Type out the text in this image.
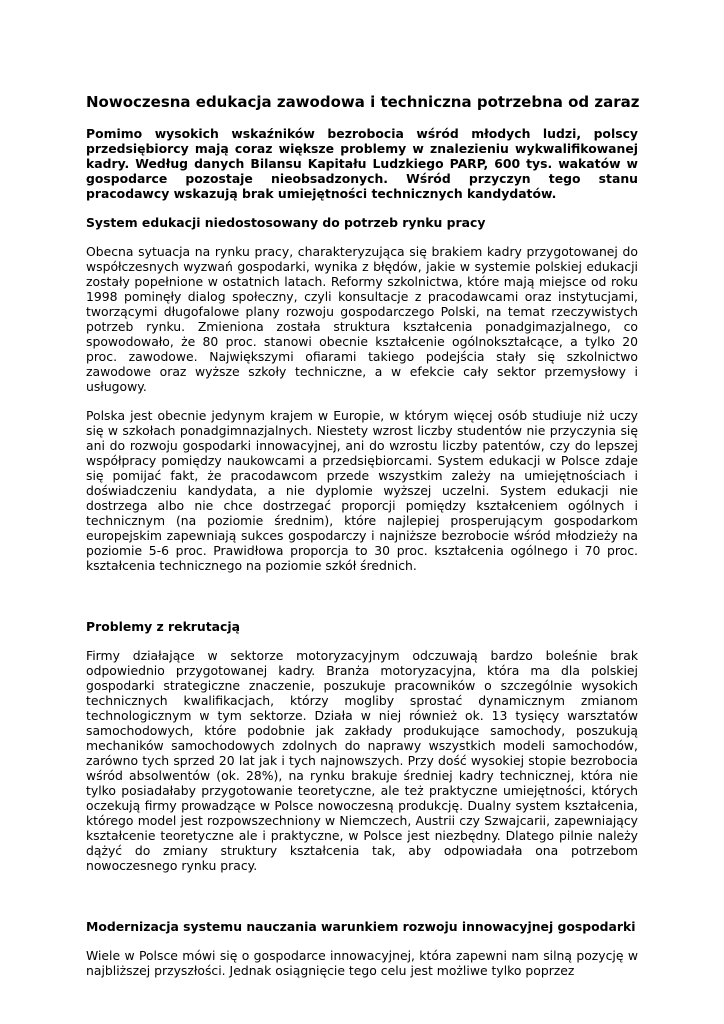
Nowoczesna edukacja zawodowa i techniczna potrzebna od zaraz

Pomimo wysokich wskaźników bezrobocia wśród młodych ludzi, polscy przedsiębiorcy mają coraz większe problemy w znalezieniu wykwalifikowanej kadry. Według danych Bilansu Kapitału Ludzkiego PARP, 600 tys. wakatów w gospodarce pozostaje nieobsadzonych. Wśród przyczyn tego stanu pracodawcy wskazują brak umiejętności technicznych kandydatów.

System edukacji niedostosowany do potrzeb rynku pracy

Obecna sytuacja na rynku pracy, charakteryzująca się brakiem kadry przygotowanej do współczesnych wyzwań gospodarki, wynika z błędów, jakie w systemie polskiej edukacji zostały popełnione w ostatnich latach. Reformy szkolnictwa, które mają miejsce od roku 1998 pominęły dialog społeczny, czyli konsultacje z pracodawcami oraz instytucjami, tworzącymi długofalowe plany rozwoju gospodarczego Polski, na temat rzeczywistych potrzeb rynku. Zmieniona została struktura kształcenia ponadgimazjalnego, co spowodowało, że 80 proc. stanowi obecnie kształcenie ogólnokształcące, a tylko 20 proc. zawodowe. Największymi ofiarami takiego podejścia stały się szkolnictwo zawodowe oraz wyższe szkoły techniczne, a w efekcie cały sektor przemysłowy i usługowy.

Polska jest obecnie jedynym krajem w Europie, w którym więcej osób studiuje niż uczy się w szkołach ponadgimnazjalnych. Niestety wzrost liczby studentów nie przyczynia się ani do rozwoju gospodarki innowacyjnej, ani do wzrostu liczby patentów, czy do lepszej współpracy pomiędzy naukowcami a przedsiębiorcami. System edukacji w Polsce zdaje się pomijać fakt, że pracodawcom przede wszystkim zależy na umiejętnościach i doświadczeniu kandydata, a nie dyplomie wyższej uczelni. System edukacji nie dostrzega albo nie chce dostrzegać proporcji pomiędzy kształceniem ogólnych i technicznym (na poziomie średnim), które najlepiej prosperującym gospodarkom europejskim zapewniają sukces gospodarczy i najniższe bezrobocie wśród młodzieży na poziomie 5-6 proc. Prawidłowa proporcja to 30 proc. kształcenia ogólnego i 70 proc. kształcenia technicznego na poziomie szkół średnich.

Problemy z rekrutacją

Firmy działające w sektorze motoryzacyjnym odczuwają bardzo boleśnie brak odpowiednio przygotowanej kadry. Branża motoryzacyjna, która ma dla polskiej gospodarki strategiczne znaczenie, poszukuje pracowników o szczególnie wysokich technicznych kwalifikacjach, którzy mogliby sprostać dynamicznym zmianom technologicznym w tym sektorze. Działa w niej również ok. 13 tysięcy warsztatów samochodowych, które podobnie jak zakłady produkujące samochody, poszukują mechaników samochodowych zdolnych do naprawy wszystkich modeli samochodów, zarówno tych sprzed 20 lat jak i tych najnowszych. Przy dość wysokiej stopie bezrobocia wśród absolwentów (ok. 28%), na rynku brakuje średniej kadry technicznej, która nie tylko posiadałaby przygotowanie teoretyczne, ale też praktyczne umiejętności, których oczekują firmy prowadzące w Polsce nowoczesną produkcję. Dualny system kształcenia, którego model jest rozpowszechniony w Niemczech, Austrii czy Szwajcarii, zapewniający kształcenie teoretyczne ale i praktyczne, w Polsce jest niezbędny. Dlatego pilnie należy dążyć do zmiany struktury kształcenia tak, aby odpowiadała ona potrzebom nowoczesnego rynku pracy.

Modernizacja systemu nauczania warunkiem rozwoju innowacyjnej gospodarki

Wiele w Polsce mówi się o gospodarce innowacyjnej, która zapewni nam silną pozycję w najbliższej przyszłości. Jednak osiągnięcie tego celu jest możliwe tylko poprzez
